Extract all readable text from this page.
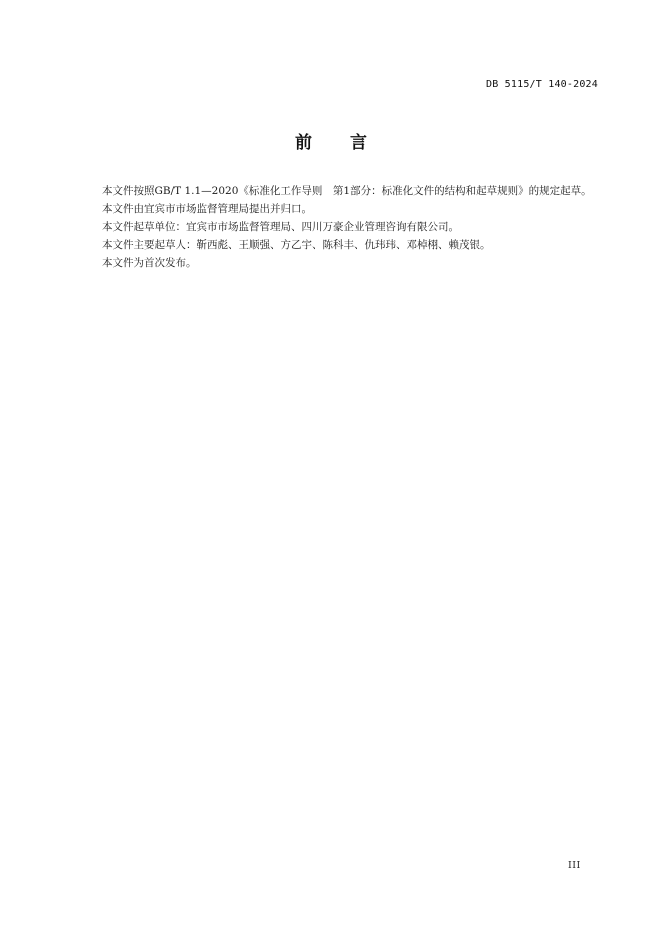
DB 5115/T 140-2024
前言

本文件按照GB/T 1.1—2020《标准化工作导则　第1部分：标准化文件的结构和起草规则》的规定起草。

本文件由宜宾市市场监督管理局提出并归口。

本文件起草单位：宜宾市市场监督管理局、四川万豪企业管理咨询有限公司。

本文件主要起草人：靳西彪、王顺强、方乙宇、陈科丰、仇玮玮、邓棹栩、赖茂银。

本文件为首次发布。

III
